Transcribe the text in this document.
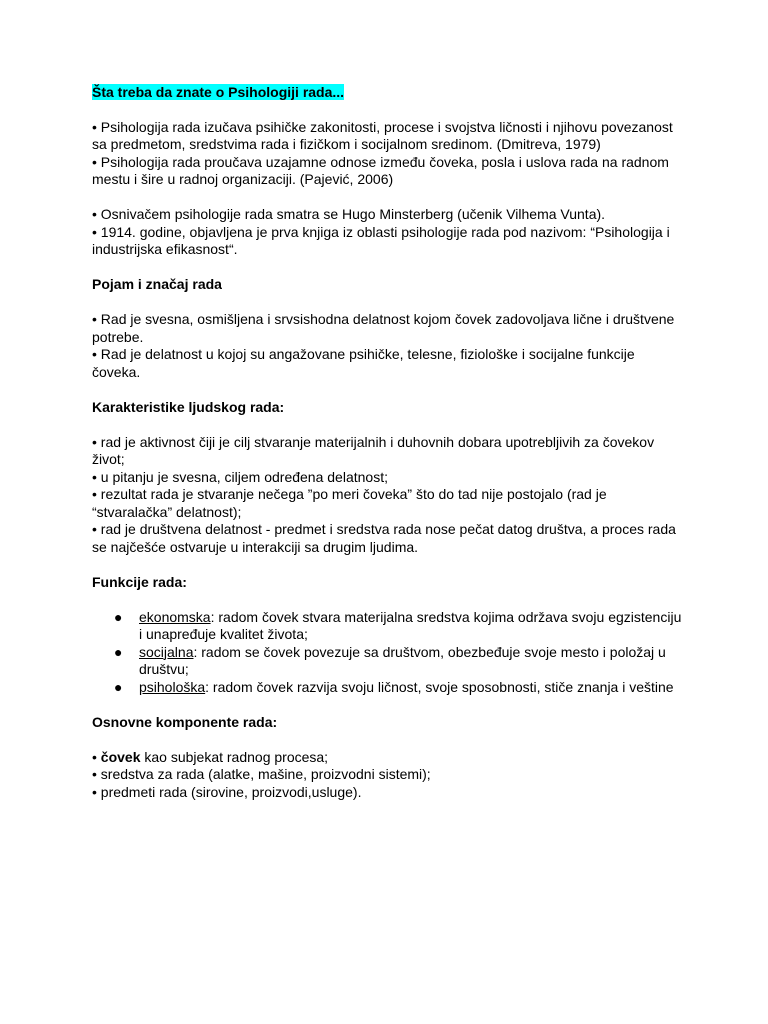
Šta treba da znate o Psihologiji rada...

• Psihologija rada izučava psihičke zakonitosti, procese i svojstva ličnosti i njihovu povezanost sa predmetom, sredstvima rada i fizičkom i socijalnom sredinom. (Dmitreva, 1979)

• Psihologija rada proučava uzajamne odnose između čoveka, posla i uslova rada na radnom mestu i šire u radnoj organizaciji. (Pajević, 2006)

• Osnivačem psihologije rada smatra se Hugo Minsterberg (učenik Vilhema Vunta).

• 1914. godine, objavljena je prva knjiga iz oblasti psihologije rada pod nazivom: “Psihologija i industrijska efikasnost“.

Pojam i značaj rada

• Rad je svesna, osmišljena i srvsishodna delatnost kojom čovek zadovoljava lične i društvene potrebe.

• Rad je delatnost u kojoj su angažovane psihičke, telesne, fiziološke i socijalne funkcije čoveka.

Karakteristike ljudskog rada:

• rad je aktivnost čiji je cilj stvaranje materijalnih i duhovnih dobara upotrebljivih za čovekov život;

• u pitanju je svesna, ciljem određena delatnost;

• rezultat rada je stvaranje nečega ”po meri čoveka” što do tad nije postojalo (rad je “stvaralačka” delatnost);

• rad je društvena delatnost - predmet i sredstva rada nose pečat datog društva, a proces rada se najčešće ostvaruje u interakciji sa drugim ljudima.

Funkcije rada:

● ekonomska: radom čovek stvara materijalna sredstva kojima održava svoju egzistenciju i unapređuje kvalitet života;
● socijalna: radom se čovek povezuje sa društvom, obezbeđuje svoje mesto i položaj u društvu;
● psihološka: radom čovek razvija svoju ličnost, svoje sposobnosti, stiče znanja i veštine

Osnovne komponente rada:

• čovek kao subjekat radnog procesa;

• sredstva za rada (alatke, mašine, proizvodni sistemi);

• predmeti rada (sirovine, proizvodi,usluge).
